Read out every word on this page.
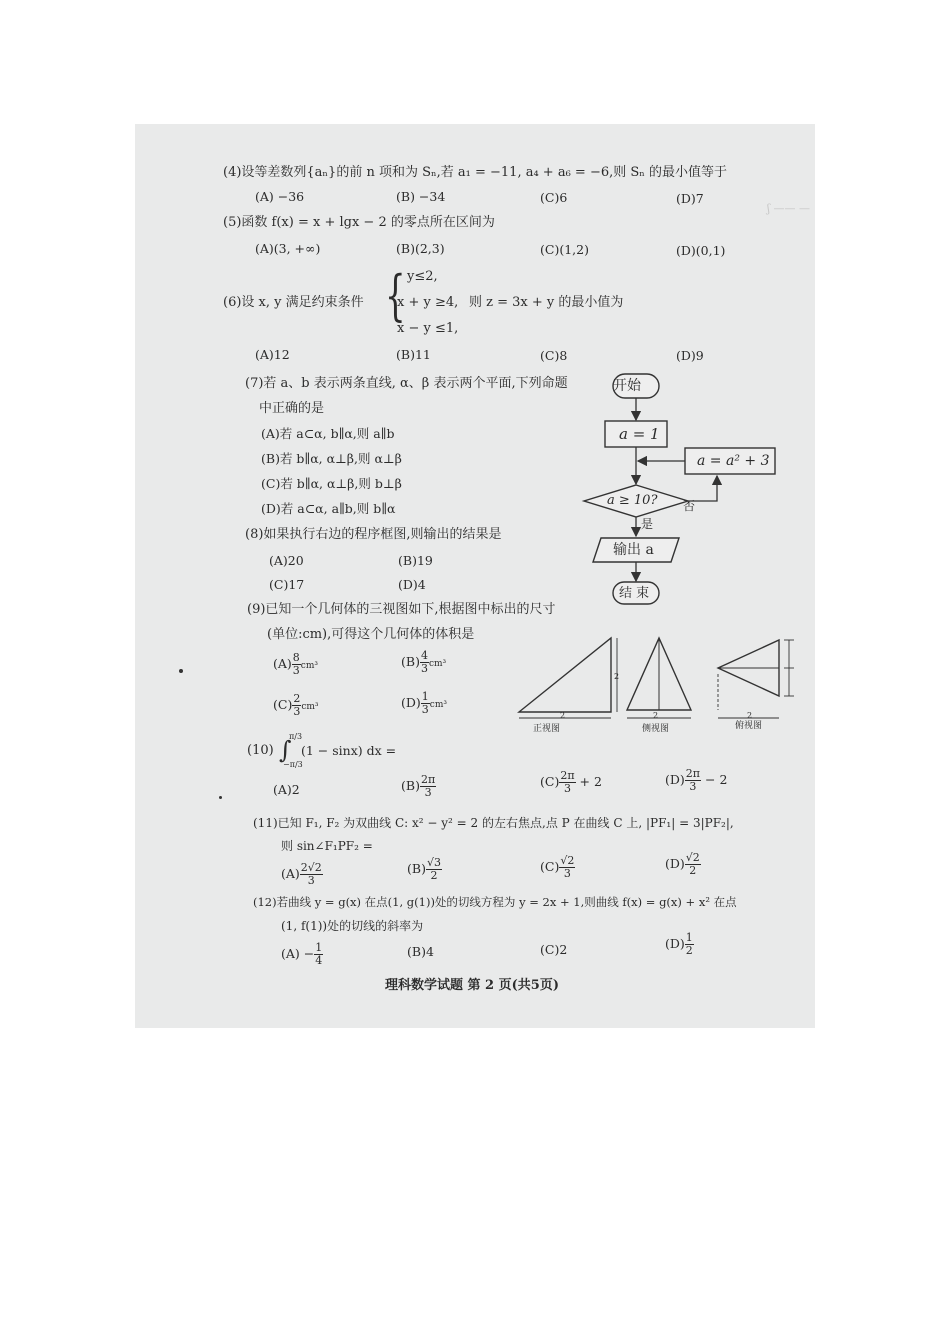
ʃ —— —
(4)设等差数列{aₙ}的前 n 项和为 Sₙ,若 a₁ = −11, a₄ + a₆ = −6,则 Sₙ 的最小值等于
(A) −36	(B) −34	(C)6	(D)7
(5)函数 f(x) = x + lgx − 2 的零点所在区间为
(A)(3, +∞)	(B)(2,3)	(C)(1,2)	(D)(0,1)
(6)设 x, y 满足约束条件 { y≤2,
x + y ≥4,
x − y ≤1,
则 z = 3x + y 的最小值为
(A)12	(B)11	(C)8	(D)9
(7)若 a、b 表示两条直线, α、β 表示两个平面,下列命题
中正确的是
(A)若 a⊂α, b∥α,则 a∥b
(B)若 b∥α, α⊥β,则 α⊥β
(C)若 b∥α, α⊥β,则 b⊥β
(D)若 a⊂α, a∥b,则 b∥α
(8)如果执行右边的程序框图,则输出的结果是
(A)20	(B)19
(C)17	(D)4
开始
a = 1
a = a² + 3
a ≥ 10? 否
是
输出 a
结 束
(9)已知一个几何体的三视图如下,根据图中标出的尺寸
(单位:cm),可得这个几何体的体积是
$(A) \frac{8}{3} cm^3$	$(B) \frac{4}{3} cm^3$
$(C) \frac{2}{3} cm^3$	$(D) \frac{1}{3} cm^3$
2
2	2	2
正视图	侧视图	俯视图
(10) ∫
π/3
−π/3
(1 − sinx) dx =
(A)2	$(B) \frac{2\pi}{3}$	$(C) \frac{2\pi}{3} + 2$	$(D) \frac{2\pi}{3} - 2$
(11)已知 F₁, F₂ 为双曲线 C: x² − y² = 2 的左右焦点,点 P 在曲线 C 上, |PF₁| = 3|PF₂|,
则 sin∠F₁PF₂ =
$(A) \frac{2√2}{3}$	$(B) \frac{√3}{2}$	$(C) \frac{√2}{3}$	$(D) \frac{√2}{2}$
(12)若曲线 y = g(x) 在点(1, g(1))处的切线方程为 y = 2x + 1,则曲线 f(x) = g(x) + x² 在点
(1, f(1))处的切线的斜率为
$(A) - \frac{1}{4}$	(B)4	(C)2	$(D) \frac{1}{2}$
理科数学试题 第 2 页(共5页)
